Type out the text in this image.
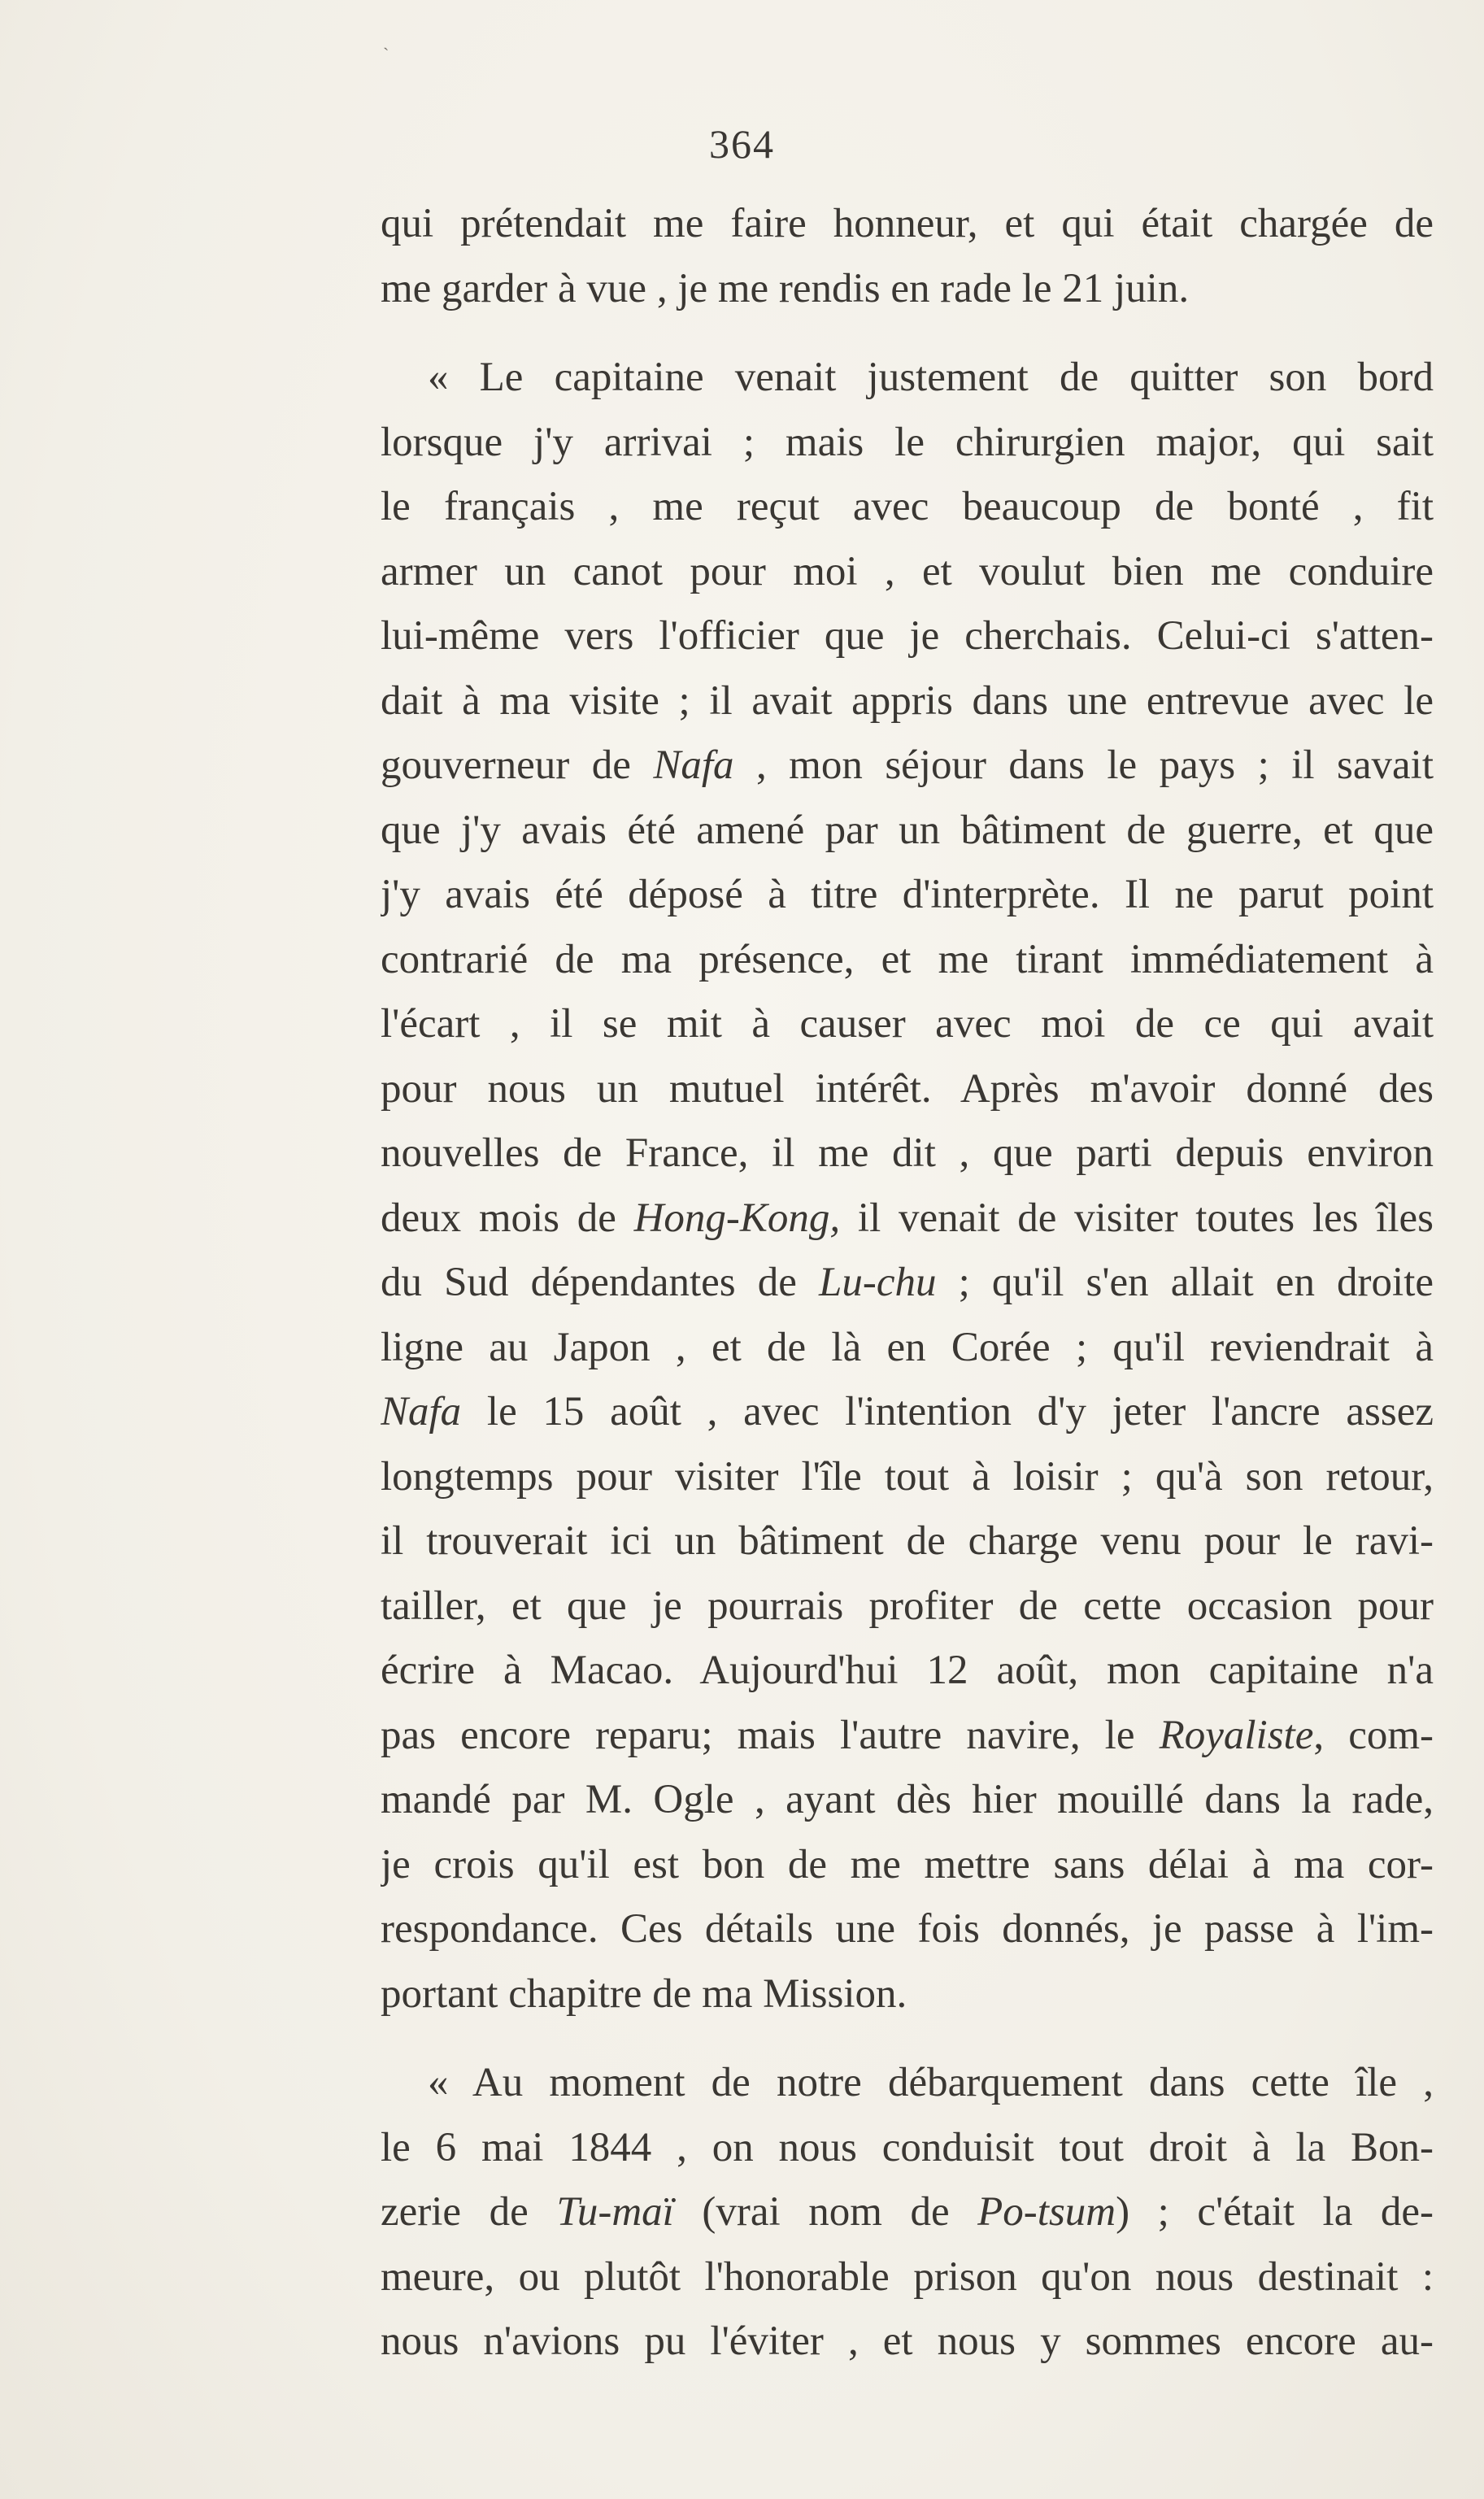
364
ˋ
qui prétendait me faire honneur, et qui était chargée de
me garder à vue , je me rendis en rade le 21 juin.
« Le capitaine venait justement de quitter son bord
lorsque j'y arrivai ; mais le chirurgien major, qui sait
le français , me reçut avec beaucoup de bonté , fit
armer un canot pour moi , et voulut bien me conduire
lui-même vers l'officier que je cherchais. Celui-ci s'atten-
dait à ma visite ; il avait appris dans une entrevue avec le
gouverneur de Nafa , mon séjour dans le pays ; il savait
que j'y avais été amené par un bâtiment de guerre, et que
j'y avais été déposé à titre d'interprète. Il ne parut point
contrarié de ma présence, et me tirant immédiatement à
l'écart , il se mit à causer avec moi de ce qui avait
pour nous un mutuel intérêt. Après m'avoir donné des
nouvelles de France, il me dit , que parti depuis environ
deux mois de Hong-Kong, il venait de visiter toutes les îles
du Sud dépendantes de Lu-chu ; qu'il s'en allait en droite
ligne au Japon , et de là en Corée ; qu'il reviendrait à
Nafa le 15 août , avec l'intention d'y jeter l'ancre assez
longtemps pour visiter l'île tout à loisir ; qu'à son retour,
il trouverait ici un bâtiment de charge venu pour le ravi-
tailler, et que je pourrais profiter de cette occasion pour
écrire à Macao. Aujourd'hui 12 août, mon capitaine n'a
pas encore reparu; mais l'autre navire, le Royaliste, com-
mandé par M. Ogle , ayant dès hier mouillé dans la rade,
je crois qu'il est bon de me mettre sans délai à ma cor-
respondance. Ces détails une fois donnés, je passe à l'im-
portant chapitre de ma Mission.
« Au moment de notre débarquement dans cette île ,
le 6 mai 1844 , on nous conduisit tout droit à la Bon-
zerie de Tu-maï (vrai nom de Po-tsum) ; c'était la de-
meure, ou plutôt l'honorable prison qu'on nous destinait :
nous n'avions pu l'éviter , et nous y sommes encore au-
